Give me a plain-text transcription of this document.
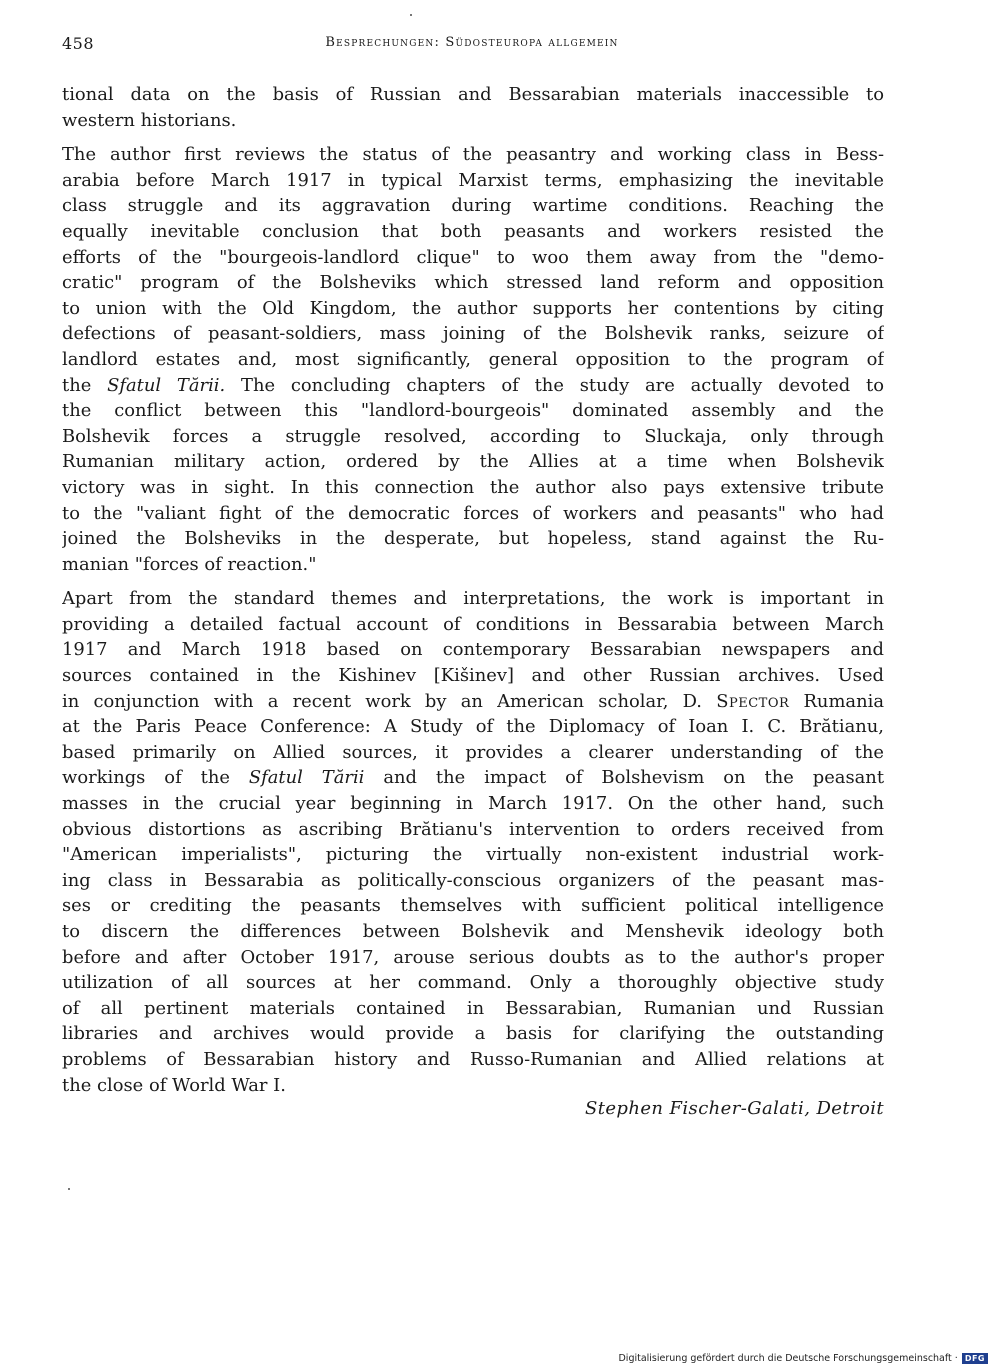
458	Besprechungen: Südosteuropa allgemein
tional data on the basis of Russian and Bessarabian materials inaccessible to
western historians.
The author first reviews the status of the peasantry and working class in Bess-
arabia before March 1917 in typical Marxist terms, emphasizing the inevitable
class struggle and its aggravation during wartime conditions. Reaching the
equally inevitable conclusion that both peasants and workers resisted the
efforts of the "bourgeois-landlord clique" to woo them away from the "demo-
cratic" program of the Bolsheviks which stressed land reform and opposition
to union with the Old Kingdom, the author supports her contentions by citing
defections of peasant-soldiers, mass joining of the Bolshevik ranks, seizure of
landlord estates and, most significantly, general opposition to the program of
the Sfatul Tării. The concluding chapters of the study are actually devoted to
the conflict between this "landlord-bourgeois" dominated assembly and the
Bolshevik forces a struggle resolved, according to Sluckaja, only through
Rumanian military action, ordered by the Allies at a time when Bolshevik
victory was in sight. In this connection the author also pays extensive tribute
to the "valiant fight of the democratic forces of workers and peasants" who had
joined the Bolsheviks in the desperate, but hopeless, stand against the Ru-
manian "forces of reaction."
Apart from the standard themes and interpretations, the work is important in
providing a detailed factual account of conditions in Bessarabia between March
1917 and March 1918 based on contemporary Bessarabian newspapers and
sources contained in the Kishinev [Kišinev] and other Russian archives. Used
in conjunction with a recent work by an American scholar, D. Spector Rumania
at the Paris Peace Conference: A Study of the Diplomacy of Ioan I. C. Brătianu,
based primarily on Allied sources, it provides a clearer understanding of the
workings of the Sfatul Tării and the impact of Bolshevism on the peasant
masses in the crucial year beginning in March 1917. On the other hand, such
obvious distortions as ascribing Brătianu's intervention to orders received from
"American imperialists", picturing the virtually non-existent industrial work-
ing class in Bessarabia as politically-conscious organizers of the peasant mas-
ses or crediting the peasants themselves with sufficient political intelligence
to discern the differences between Bolshevik and Menshevik ideology both
before and after October 1917, arouse serious doubts as to the author's proper
utilization of all sources at her command. Only a thoroughly objective study
of all pertinent materials contained in Bessarabian, Rumanian und Russian
libraries and archives would provide a basis for clarifying the outstanding
problems of Bessarabian history and Russo-Rumanian and Allied relations at
the close of World War I.
Stephen Fischer-Galati, Detroit
Digitalisierung gefördert durch die Deutsche Forschungsgemeinschaft · DFG
